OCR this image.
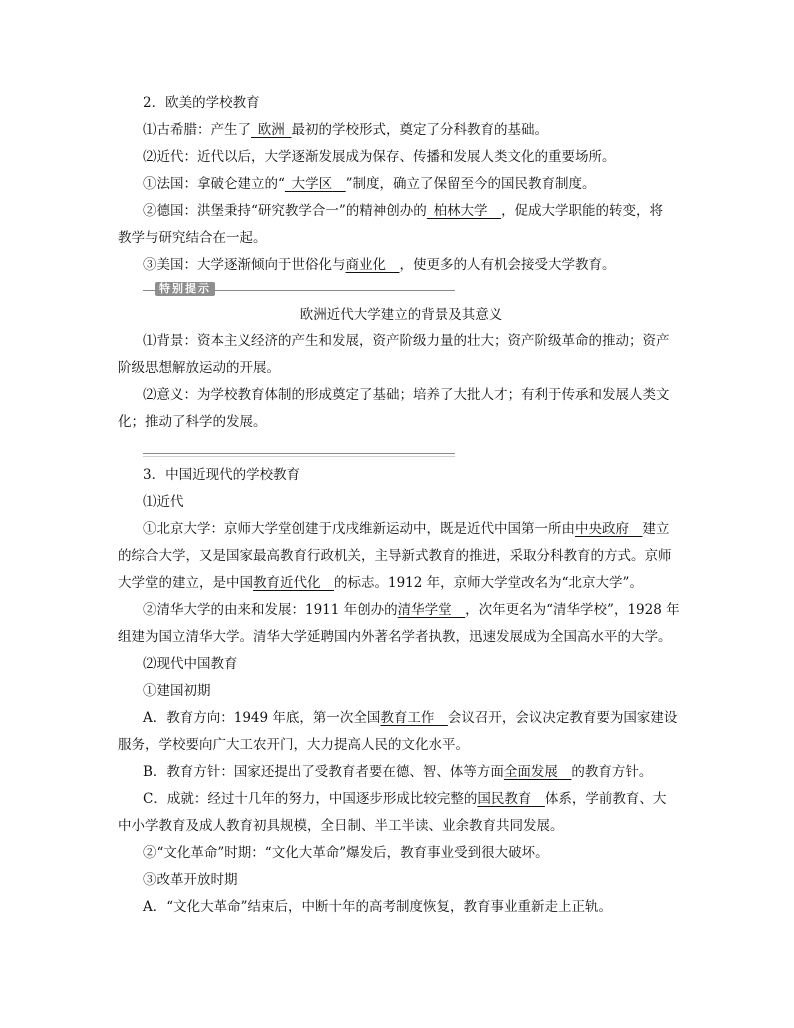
2．欧美的学校教育
⑴古希腊：产生了  欧洲  最初的学校形式，奠定了分科教育的基础。
⑵近代：近代以后，大学逐渐发展成为保存、传播和发展人类文化的重要场所。
①法国：拿破仑建立的“  大学区   ”制度，确立了保留至今的国民教育制度。
②德国：洪堡秉持“研究教学合一”的精神创办的  柏林大学   ，促成大学职能的转变，将
教学与研究结合在一起。
③美国：大学逐渐倾向于世俗化与商业化   ，使更多的人有机会接受大学教育。
特别提示
欧洲近代大学建立的背景及其意义
⑴背景：资本主义经济的产生和发展，资产阶级力量的壮大；资产阶级革命的推动；资产
阶级思想解放运动的开展。
⑵意义：为学校教育体制的形成奠定了基础；培养了大批人才；有利于传承和发展人类文
化；推动了科学的发展。
3．中国近现代的学校教育
⑴近代
①北京大学：京师大学堂创建于戊戌维新运动中，既是近代中国第一所由中央政府   建立
的综合大学，又是国家最高教育行政机关，主导新式教育的推进，采取分科教育的方式。京师
大学堂的建立，是中国教育近代化   的标志。1912 年，京师大学堂改名为“北京大学”。
②清华大学的由来和发展：1911 年创办的清华学堂   ，次年更名为“清华学校”，1928 年
组建为国立清华大学。清华大学延聘国内外著名学者执教，迅速发展成为全国高水平的大学。
⑵现代中国教育
①建国初期
A．教育方向：1949 年底，第一次全国教育工作   会议召开，会议决定教育要为国家建设
服务，学校要向广大工农开门，大力提高人民的文化水平。
B．教育方针：国家还提出了受教育者要在德、智、体等方面全面发展   的教育方针。
C．成就：经过十几年的努力，中国逐步形成比较完整的国民教育   体系，学前教育、大
中小学教育及成人教育初具规模，全日制、半工半读、业余教育共同发展。
②“文化革命”时期：“文化大革命”爆发后，教育事业受到很大破坏。
③改革开放时期
A．“文化大革命”结束后，中断十年的高考制度恢复，教育事业重新走上正轨。
